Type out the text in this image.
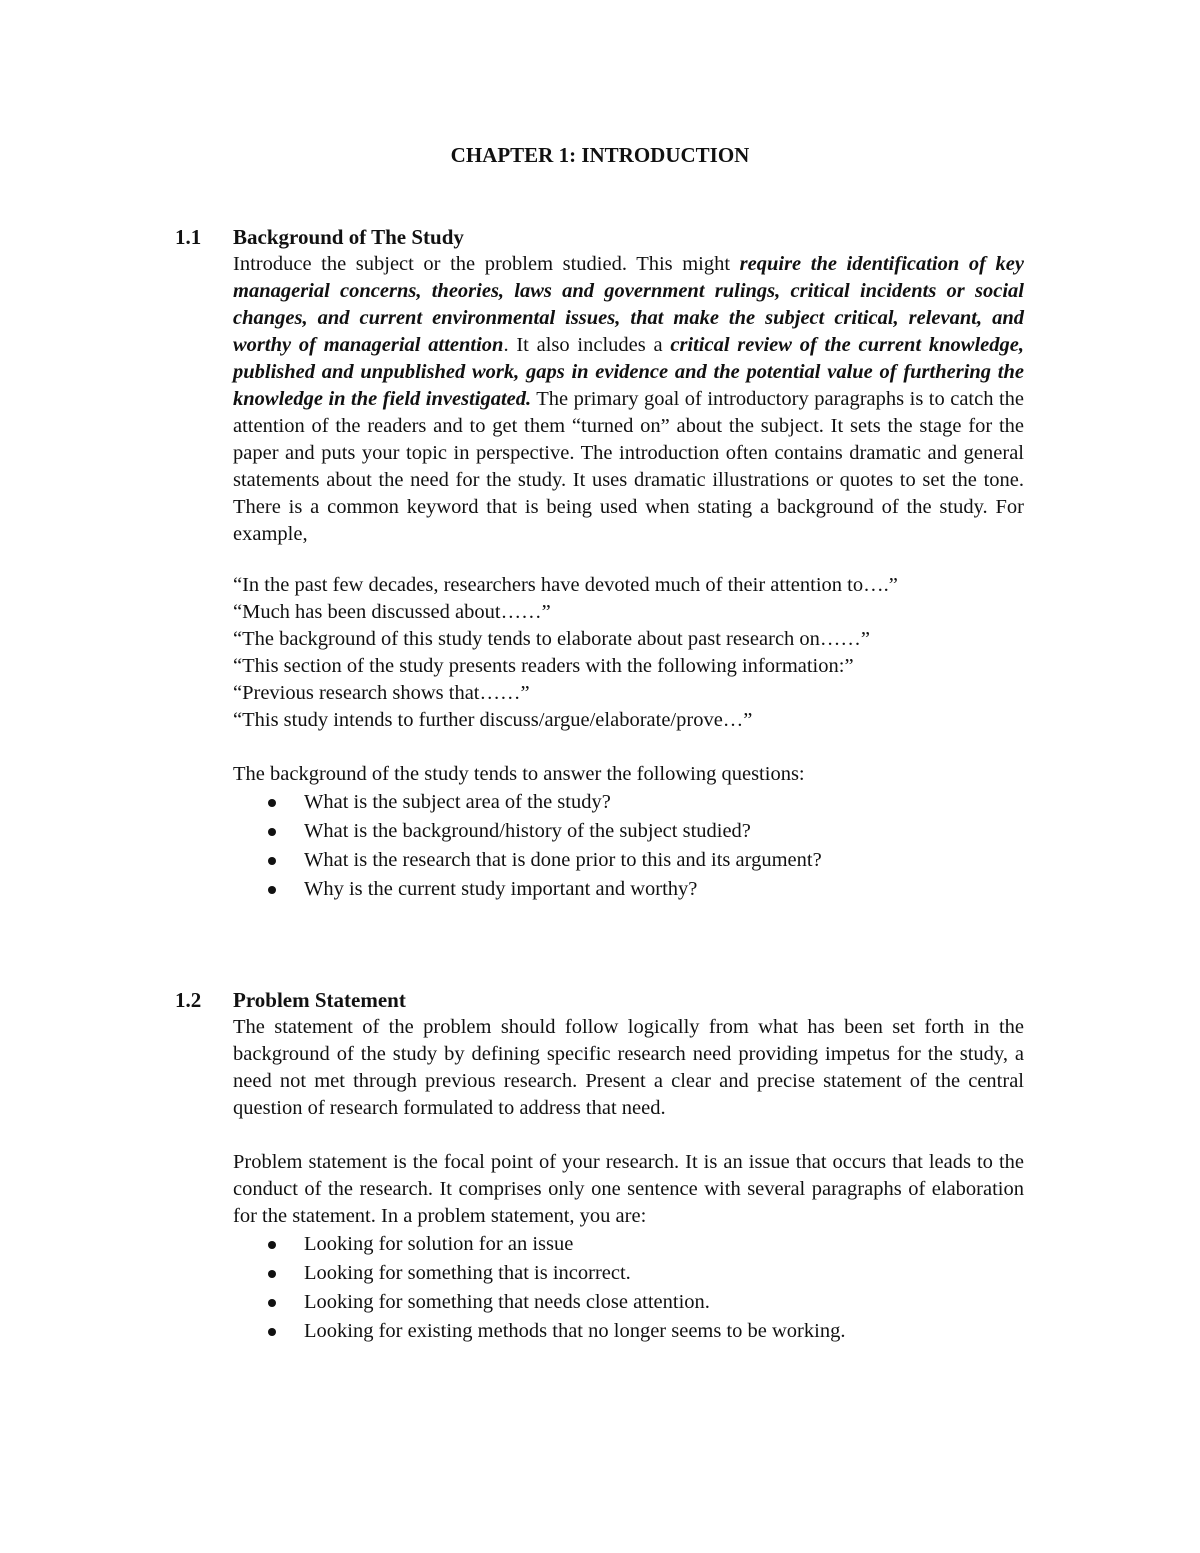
CHAPTER 1: INTRODUCTION
1.1	Background of The Study

Introduce the subject or the problem studied. This might require the identification of key managerial concerns, theories, laws and government rulings, critical incidents or social changes, and current environmental issues, that make the subject critical, relevant, and worthy of managerial attention. It also includes a critical review of the current knowledge, published and unpublished work, gaps in evidence and the potential value of furthering the knowledge in the field investigated. The primary goal of introductory paragraphs is to catch the attention of the readers and to get them “turned on” about the subject. It sets the stage for the paper and puts your topic in perspective. The introduction often contains dramatic and general statements about the need for the study. It uses dramatic illustrations or quotes to set the tone. There is a common keyword that is being used when stating a background of the study. For example,

“In the past few decades, researchers have devoted much of their attention to….”
“Much has been discussed about……”
“The background of this study tends to elaborate about past research on……”
“This section of the study presents readers with the following information:”
“Previous research shows that……”
“This study intends to further discuss/argue/elaborate/prove…”

The background of the study tends to answer the following questions:

What is the subject area of the study?
What is the background/history of the subject studied?
What is the research that is done prior to this and its argument?
Why is the current study important and worthy?
1.2	Problem Statement

The statement of the problem should follow logically from what has been set forth in the background of the study by defining specific research need providing impetus for the study, a need not met through previous research. Present a clear and precise statement of the central question of research formulated to address that need.

Problem statement is the focal point of your research. It is an issue that occurs that leads to the conduct of the research. It comprises only one sentence with several paragraphs of elaboration for the statement. In a problem statement, you are:

Looking for solution for an issue
Looking for something that is incorrect.
Looking for something that needs close attention.
Looking for existing methods that no longer seems to be working.
